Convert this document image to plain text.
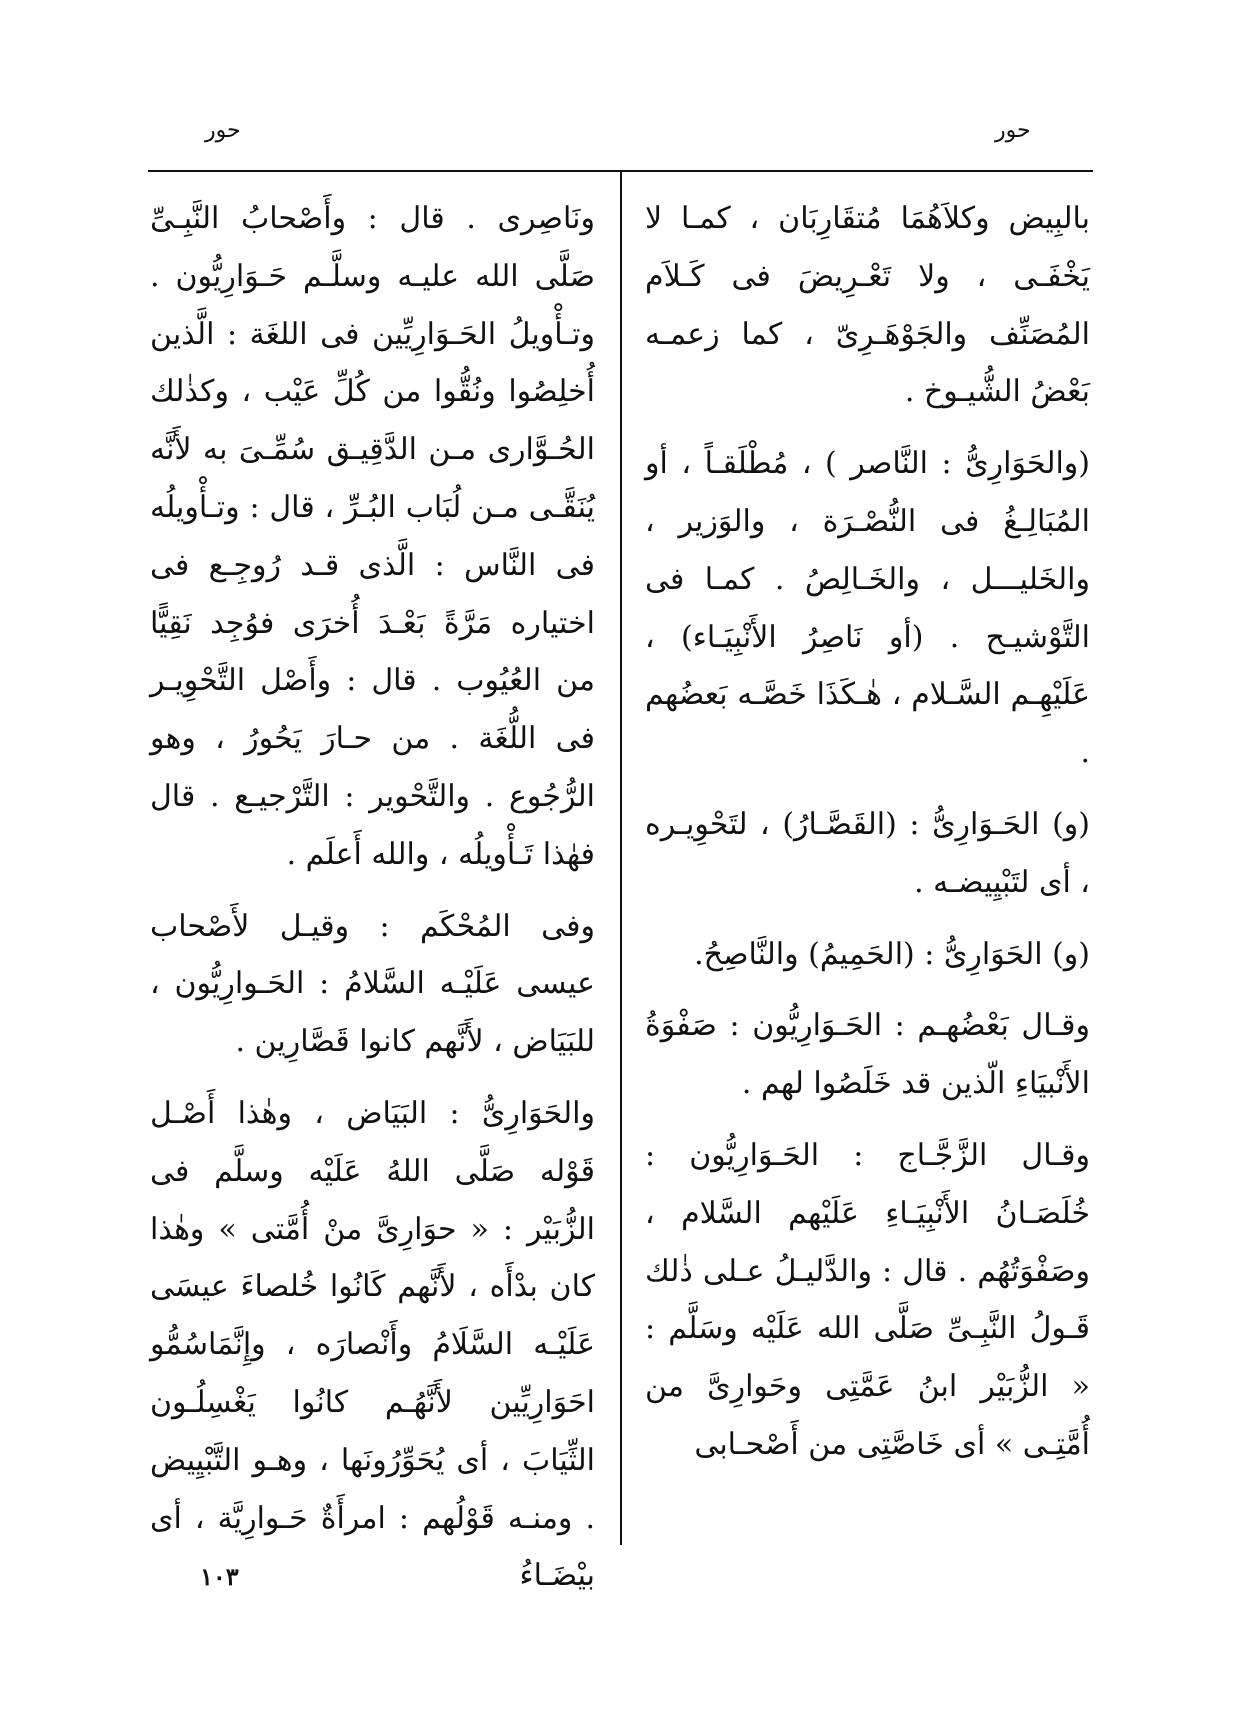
حور
حور

بالبِيض وكلاَهُمَا مُتقَارِبَان ، كمـا لا يَخْفَـى ، ولا تَعْـرِيضَ فى كَـلاَم المُصَنِّف والجَوْهَـرِىّ ، كما زعمـه بَعْضُ الشُّيـوخ .

(والحَوَارِىُّ : النَّاصر ) ، مُطْلَقـاً ، أو المُبَالِـغُ فى النُّصْـرَة ، والوَزير ، والخَليـــل ، والخَـالِصُ . كمـا فى التَّوْشيـح . (أو نَاصِرُ الأَنْبِيَـاء) ، عَلَيْهِـم السَّـلام ، هٰـكَذَا خَصَّـه بَعضُهم .

(و) الحَـوَارِىُّ : (القَصَّـارُ) ، لتَحْوِيـره ، أى لتَبْيِيضـه .

(و) الحَوَارِىُّ : (الحَمِيمُ) والنَّاصِحُ.

وقـال بَعْضُهـم : الحَـوَارِيُّون : صَفْوَةُ الأَنْبيَاءِ الّذين قد خَلَصُوا لهم .

وقـال الزَّجَّـاج : الحَـوَارِيُّون : خُلَصَـانُ الأَنْبِيَـاءِ عَلَيْهم السَّلام ، وصَفْوَتُهُم . قال : والدَّليـلُ عـلى ذٰلك قَـولُ النَّبِـىِّ صَلَّى الله عَلَيْه وسَلَّم : « الزُّبَيْر ابنُ عَمَّتِى وحَوارِىَّ من أُمَّتِـى » أى خَاصَّتِى من أَصْحـابى

ونَاصِرى . قال : وأَصْحابُ النَّبِـىِّ صَلَّى الله عليـه وسلَّـم حَـوَارِيُّون . وتـأْويلُ الحَـوَارِيِّين فى اللغَة : الَّذين أُخلِصُوا ونُقُّوا من كُلِّ عَيْب ، وكذٰلك الحُـوَّارى مـن الدَّقِيـق سُمِّـىَ به لأَنَّه يُنَقَّـى مـن لُبَاب البُـرِّ ، قال : وتـأْويلُه فى النَّاس : الَّذى قـد رُوجِـع فى اختياره مَرَّةً بَعْـدَ أُخرَى فوُجِد نَقِيًّا من العُيُوب . قال : وأَصْل التَّحْوِيـر فى اللُّغَة . من حـارَ يَحُورُ ، وهو الرُّجُوع . والتَّحْوير : التَّرْجيـع . قال فهٰذا تَـأْويلُه ، والله أَعلَم .

وفى المُحْكَم : وقيـل لأَصْحاب عيسى عَلَيْـه السَّلامُ : الحَـوارِيُّون ، للبَيَاض ، لأَنَّهم كانوا قَصَّارِين .

والحَوَارِىُّ : البَيَاض ، وهٰذا أَصْـل قَوْله صَلَّى اللهُ عَلَيْه وسلَّم فى الزُّبَيْر : « حوَارِىَّ منْ أُمَّتى » وهٰذا كان بدْأَه ، لأَنَّهم كَانُوا خُلصاءَ عيسَى عَلَيْـه السَّلَامُ وأَنْصارَه ، وإِنَّمَاسُمُّو احَوَارِيِّين لأَنَّهُـم كانُوا يَغْسِلُـون الثِّيَابَ ، أى يُحَوِّرُونَها ، وهـو التَّبْيِيض . ومنـه قَوْلُهم : امرأَةٌ حَـوارِيَّة ، أى بيْضَـاءُ

١٠٣
